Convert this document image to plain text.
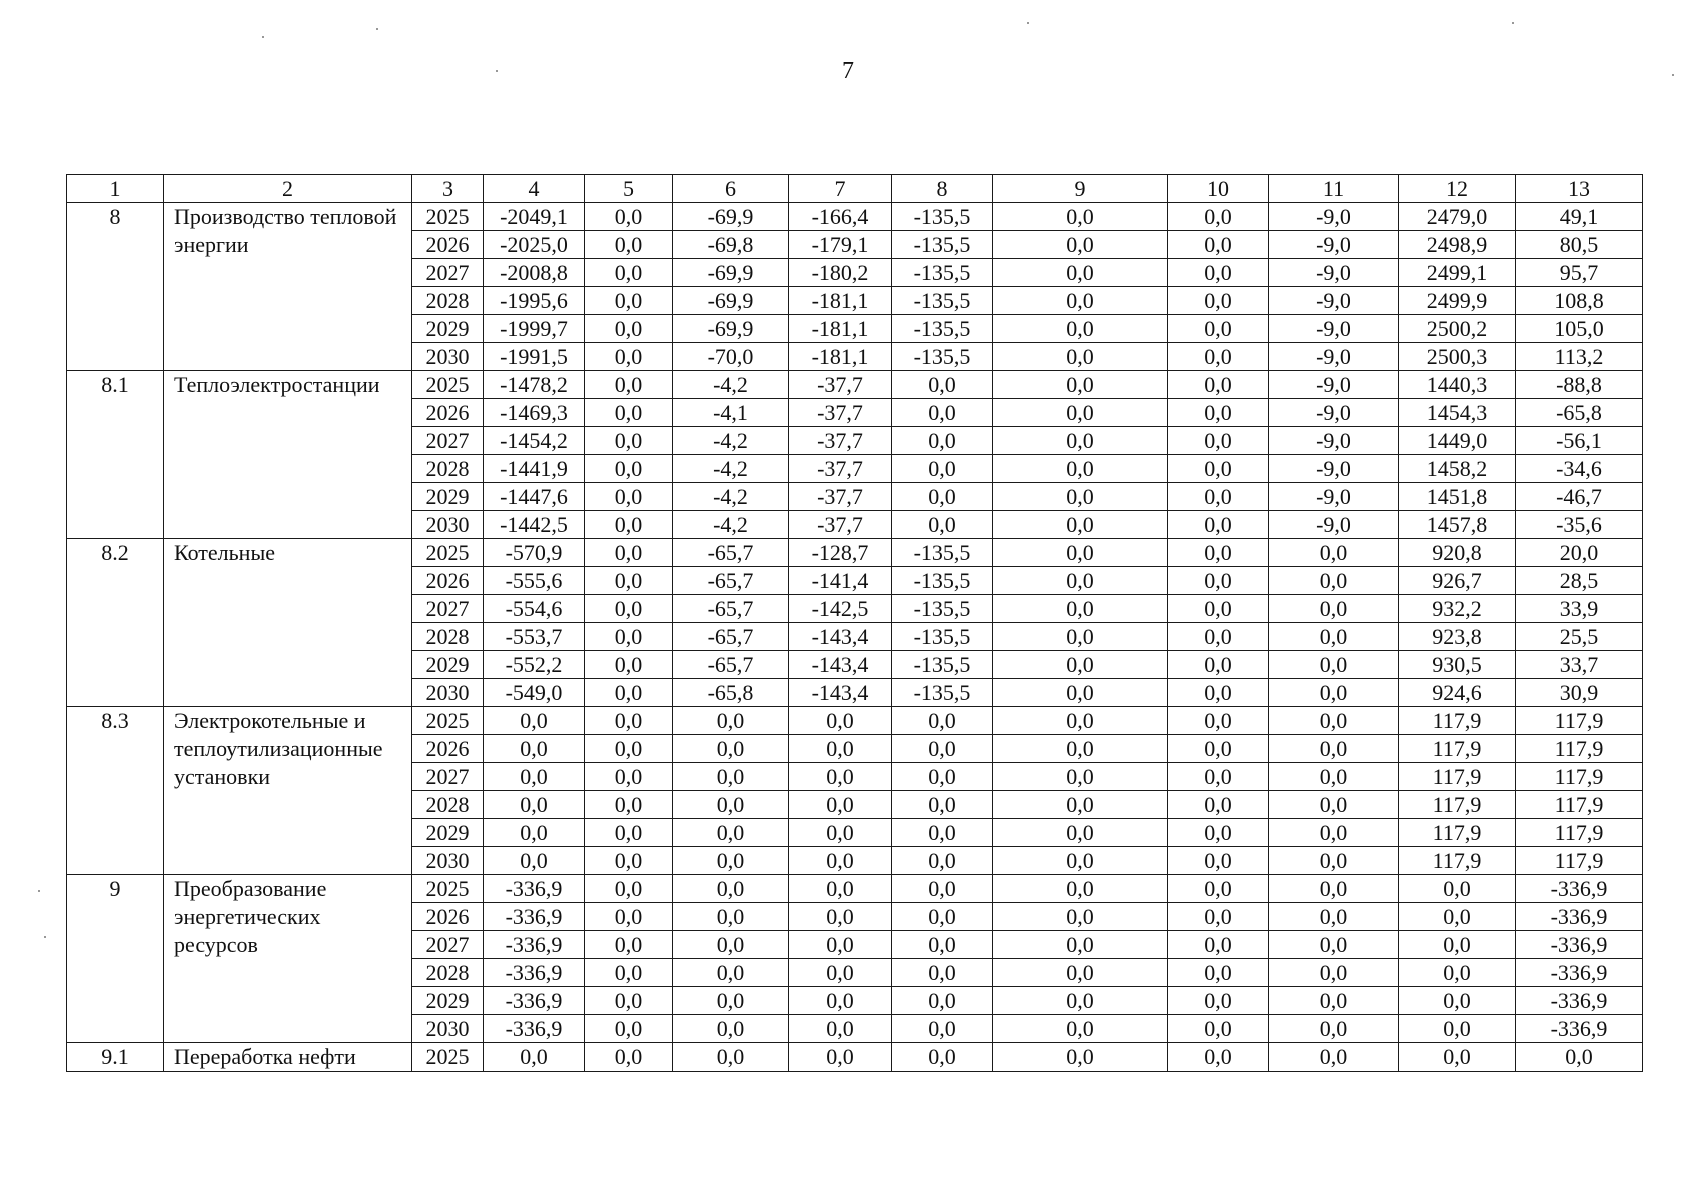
7
1	2	3	4	5	6	7	8	9	10	11	12	13
8	Производство тепловой энергии	2025	-2049,1	0,0	-69,9	-166,4	-135,5	0,0	0,0	-9,0	2479,0	49,1
		2026	-2025,0	0,0	-69,8	-179,1	-135,5	0,0	0,0	-9,0	2498,9	80,5
		2027	-2008,8	0,0	-69,9	-180,2	-135,5	0,0	0,0	-9,0	2499,1	95,7
		2028	-1995,6	0,0	-69,9	-181,1	-135,5	0,0	0,0	-9,0	2499,9	108,8
		2029	-1999,7	0,0	-69,9	-181,1	-135,5	0,0	0,0	-9,0	2500,2	105,0
		2030	-1991,5	0,0	-70,0	-181,1	-135,5	0,0	0,0	-9,0	2500,3	113,2
8.1	Теплоэлектростанции	2025	-1478,2	0,0	-4,2	-37,7	0,0	0,0	0,0	-9,0	1440,3	-88,8
		2026	-1469,3	0,0	-4,1	-37,7	0,0	0,0	0,0	-9,0	1454,3	-65,8
		2027	-1454,2	0,0	-4,2	-37,7	0,0	0,0	0,0	-9,0	1449,0	-56,1
		2028	-1441,9	0,0	-4,2	-37,7	0,0	0,0	0,0	-9,0	1458,2	-34,6
		2029	-1447,6	0,0	-4,2	-37,7	0,0	0,0	0,0	-9,0	1451,8	-46,7
		2030	-1442,5	0,0	-4,2	-37,7	0,0	0,0	0,0	-9,0	1457,8	-35,6
8.2	Котельные	2025	-570,9	0,0	-65,7	-128,7	-135,5	0,0	0,0	0,0	920,8	20,0
		2026	-555,6	0,0	-65,7	-141,4	-135,5	0,0	0,0	0,0	926,7	28,5
		2027	-554,6	0,0	-65,7	-142,5	-135,5	0,0	0,0	0,0	932,2	33,9
		2028	-553,7	0,0	-65,7	-143,4	-135,5	0,0	0,0	0,0	923,8	25,5
		2029	-552,2	0,0	-65,7	-143,4	-135,5	0,0	0,0	0,0	930,5	33,7
		2030	-549,0	0,0	-65,8	-143,4	-135,5	0,0	0,0	0,0	924,6	30,9
8.3	Электрокотельные и теплоутилизационные установки	2025	0,0	0,0	0,0	0,0	0,0	0,0	0,0	0,0	117,9	117,9
		2026	0,0	0,0	0,0	0,0	0,0	0,0	0,0	0,0	117,9	117,9
		2027	0,0	0,0	0,0	0,0	0,0	0,0	0,0	0,0	117,9	117,9
		2028	0,0	0,0	0,0	0,0	0,0	0,0	0,0	0,0	117,9	117,9
		2029	0,0	0,0	0,0	0,0	0,0	0,0	0,0	0,0	117,9	117,9
		2030	0,0	0,0	0,0	0,0	0,0	0,0	0,0	0,0	117,9	117,9
9	Преобразование энергетических ресурсов	2025	-336,9	0,0	0,0	0,0	0,0	0,0	0,0	0,0	0,0	-336,9
		2026	-336,9	0,0	0,0	0,0	0,0	0,0	0,0	0,0	0,0	-336,9
		2027	-336,9	0,0	0,0	0,0	0,0	0,0	0,0	0,0	0,0	-336,9
		2028	-336,9	0,0	0,0	0,0	0,0	0,0	0,0	0,0	0,0	-336,9
		2029	-336,9	0,0	0,0	0,0	0,0	0,0	0,0	0,0	0,0	-336,9
		2030	-336,9	0,0	0,0	0,0	0,0	0,0	0,0	0,0	0,0	-336,9
9.1	Переработка нефти	2025	0,0	0,0	0,0	0,0	0,0	0,0	0,0	0,0	0,0	0,0
